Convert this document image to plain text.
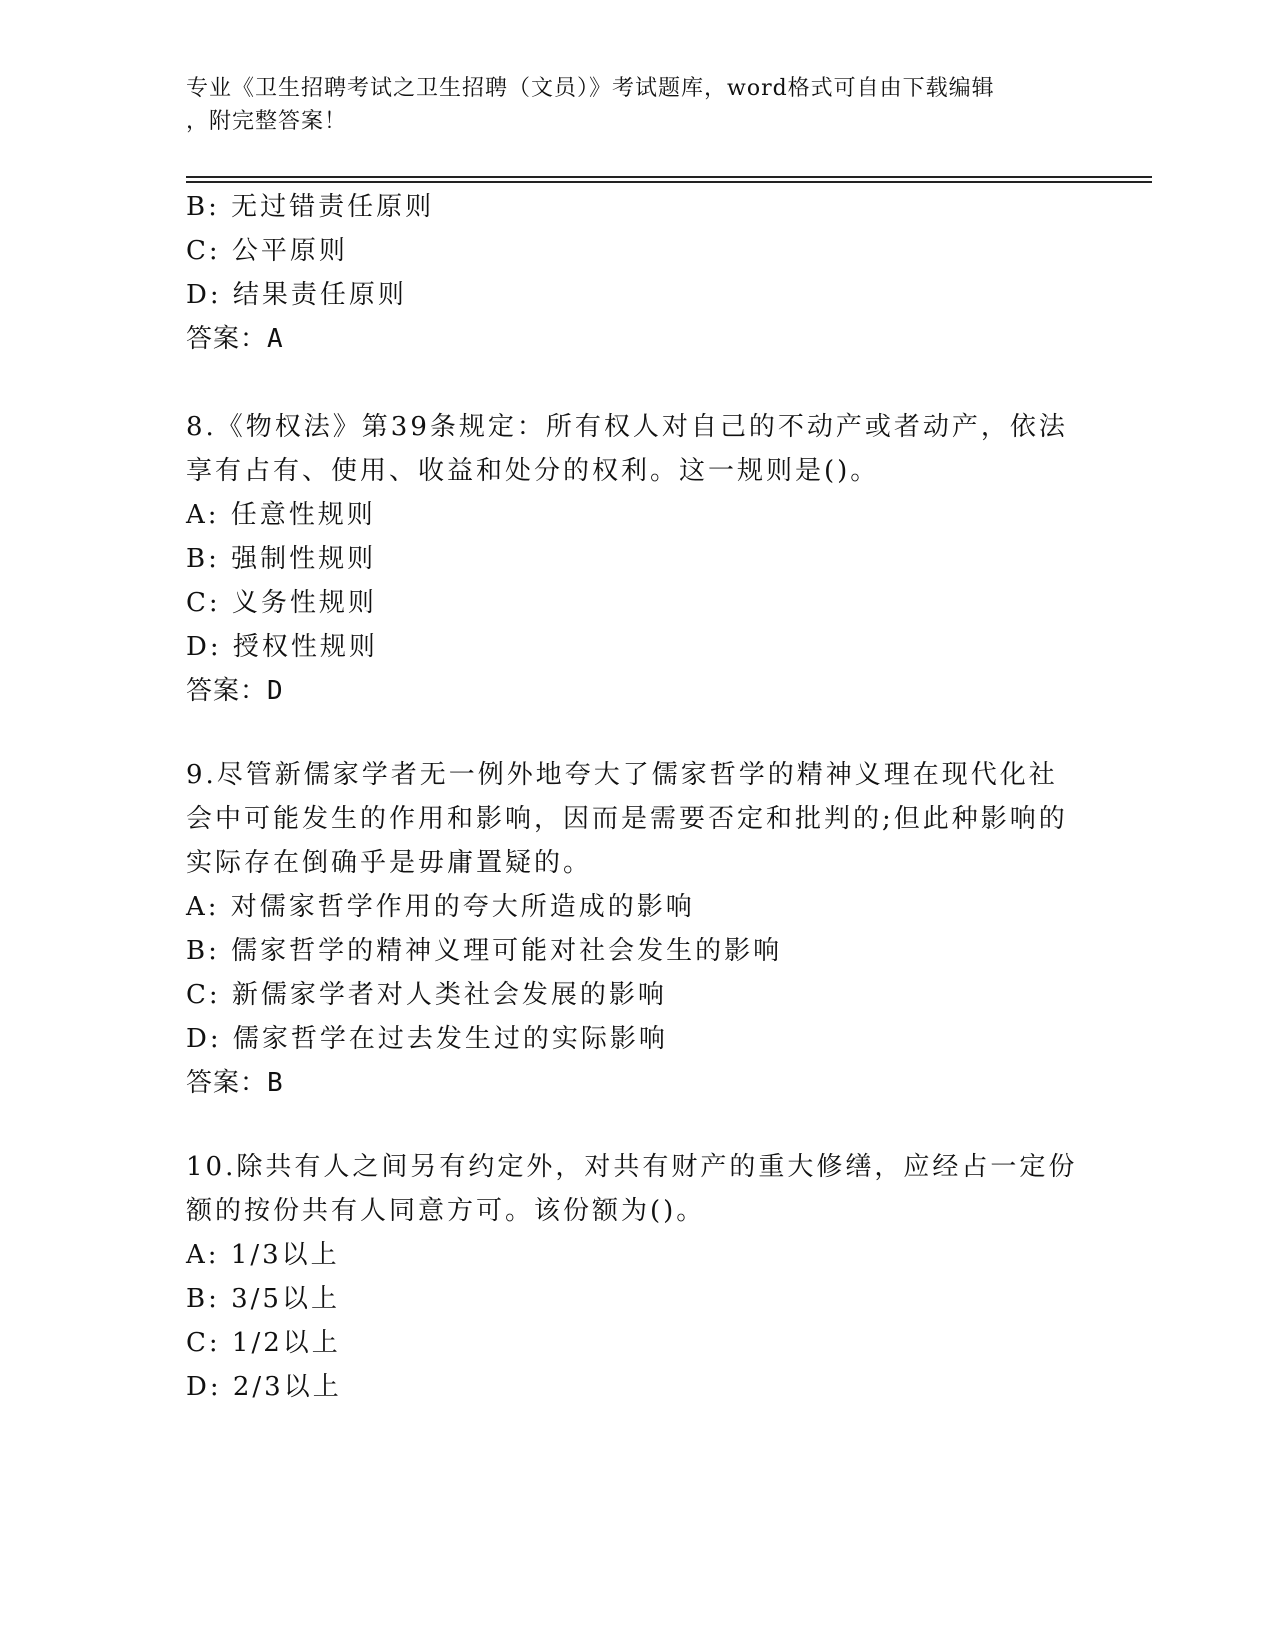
专业《卫生招聘考试之卫生招聘（文员）》考试题库，word格式可自由下载编辑
，附完整答案！
B: 无过错责任原则
C: 公平原则
D: 结果责任原则
答案：A
8.《物权法》第39条规定：所有权人对自己的不动产或者动产，依法
享有占有、使用、收益和处分的权利。这一规则是()。
A: 任意性规则
B: 强制性规则
C: 义务性规则
D: 授权性规则
答案：D
9.尽管新儒家学者无一例外地夸大了儒家哲学的精神义理在现代化社
会中可能发生的作用和影响，因而是需要否定和批判的;但此种影响的
实际存在倒确乎是毋庸置疑的。
A: 对儒家哲学作用的夸大所造成的影响
B: 儒家哲学的精神义理可能对社会发生的影响
C: 新儒家学者对人类社会发展的影响
D: 儒家哲学在过去发生过的实际影响
答案：B
10.除共有人之间另有约定外，对共有财产的重大修缮，应经占一定份
额的按份共有人同意方可。该份额为()。
A: 1/3以上
B: 3/5以上
C: 1/2以上
D: 2/3以上
